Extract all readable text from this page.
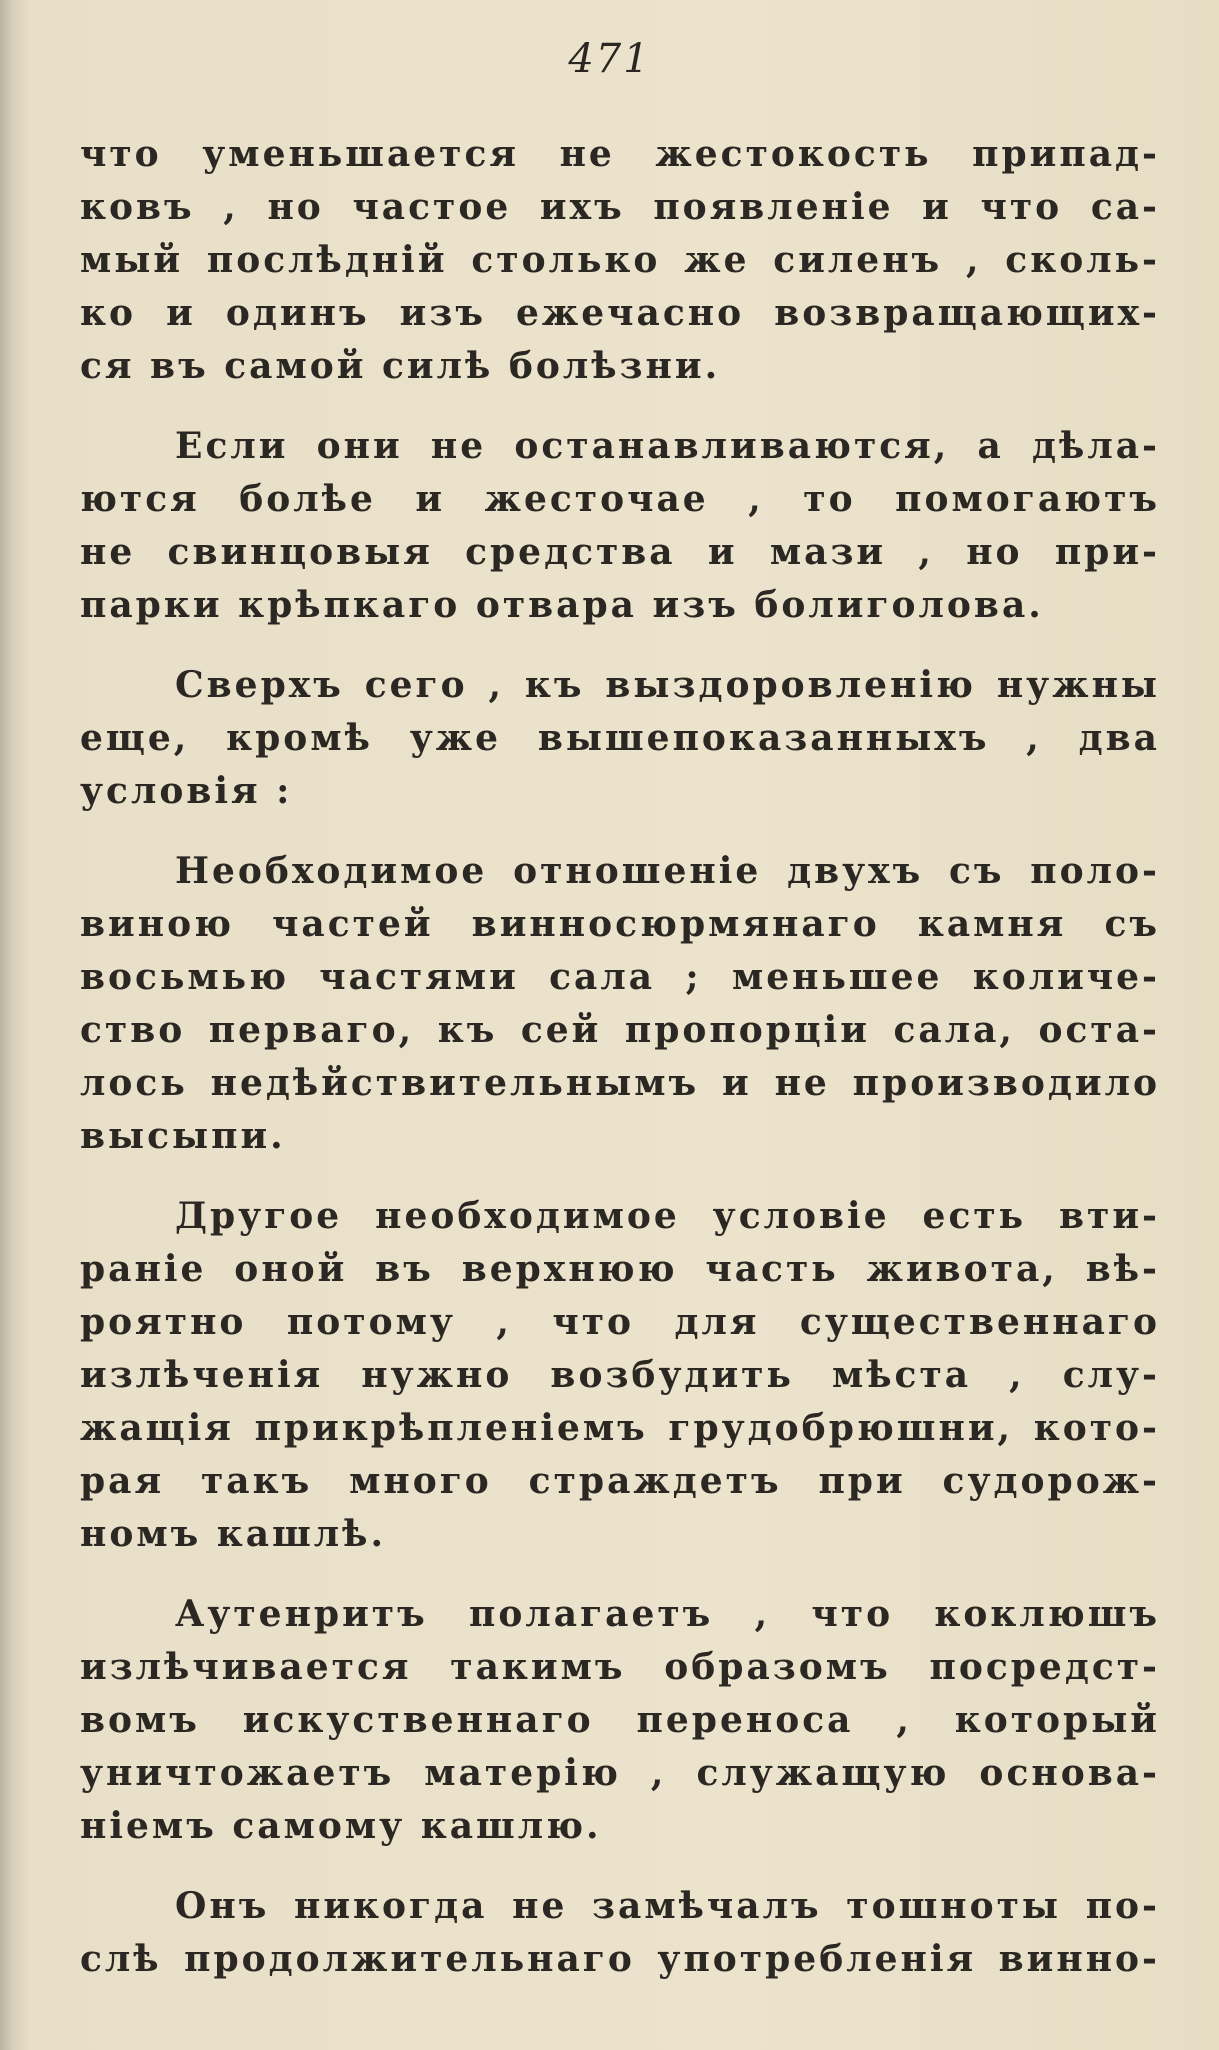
471
что уменьшается не жестокость припад-
ковъ , но частое ихъ появленіе и что са-
мый послѣдній столько же силенъ , сколь-
ко и одинъ изъ ежечасно возвращающих-
ся въ самой силѣ болѣзни.
Если они не останавливаются, а дѣла-
ются болѣе и жесточае , то помогаютъ
не свинцовыя средства и мази , но при-
парки крѣпкаго отвара изъ болиголова.
Сверхъ сего , къ выздоровленію нужны
еще, кромѣ уже вышепоказанныхъ , два
условія :
Необходимое отношеніе двухъ съ поло-
виною частей винносюрмянаго камня съ
восьмью частями сала ; меньшее количе-
ство перваго, къ сей пропорціи сала, оста-
лось недѣйствительнымъ и не производило
высыпи.
Другое необходимое условіе есть вти-
раніе оной въ верхнюю часть живота, вѣ-
роятно потому , что для существеннаго
излѣченія нужно возбудить мѣста , слу-
жащія прикрѣпленіемъ грудобрюшни, кото-
рая такъ много страждетъ при судорож-
номъ кашлѣ.
Аутенритъ полагаетъ , что коклюшъ
излѣчивается такимъ образомъ посредст-
вомъ искуственнаго переноса , который
уничтожаетъ матерію , служащую основа-
ніемъ самому кашлю.
Онъ никогда не замѣчалъ тошноты по-
слѣ продолжительнаго употребленія винно-
